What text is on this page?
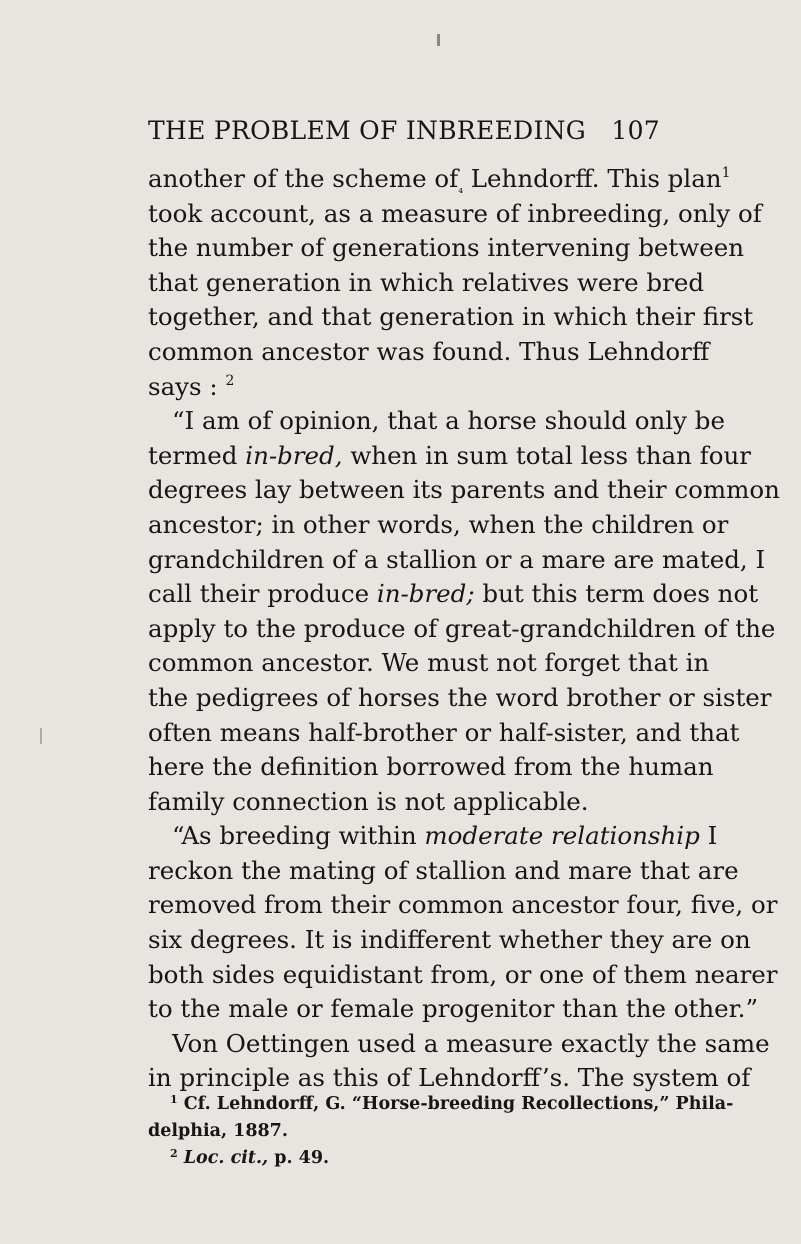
THE PROBLEM OF INBREEDING 107
another of the scheme $of_{_4}$ Lehndorff. This plan$^1$
took account, as a measure of inbreeding, only of
the number of generations intervening between
that generation in which relatives were bred
together, and that generation in which their first
common ancestor was found. Thus Lehndorff
says : $^2$
“I am of opinion, that a horse should only be
termed in-bred, when in sum total less than four
degrees lay between its parents and their common
ancestor; in other words, when the children or
grandchildren of a stallion or a mare are mated, I
call their produce in-bred; but this term does not
apply to the produce of great-grandchildren of the
common ancestor. We must not forget that in
the pedigrees of horses the word brother or sister
often means half-brother or half-sister, and that
here the definition borrowed from the human
family connection is not applicable.
“As breeding within moderate relationship I
reckon the mating of stallion and mare that are
removed from their common ancestor four, five, or
six degrees. It is indifferent whether they are on
both sides equidistant from, or one of them nearer
to the male or female progenitor than the other.”
Von Oettingen used a measure exactly the same
in principle as this of Lehndorff’s. The system of
$^1$ Cf. Lehndorff, G. “Horse-breeding Recollections,” Phila-
delphia, 1887.
$^2$ Loc. cit., p. 49.
